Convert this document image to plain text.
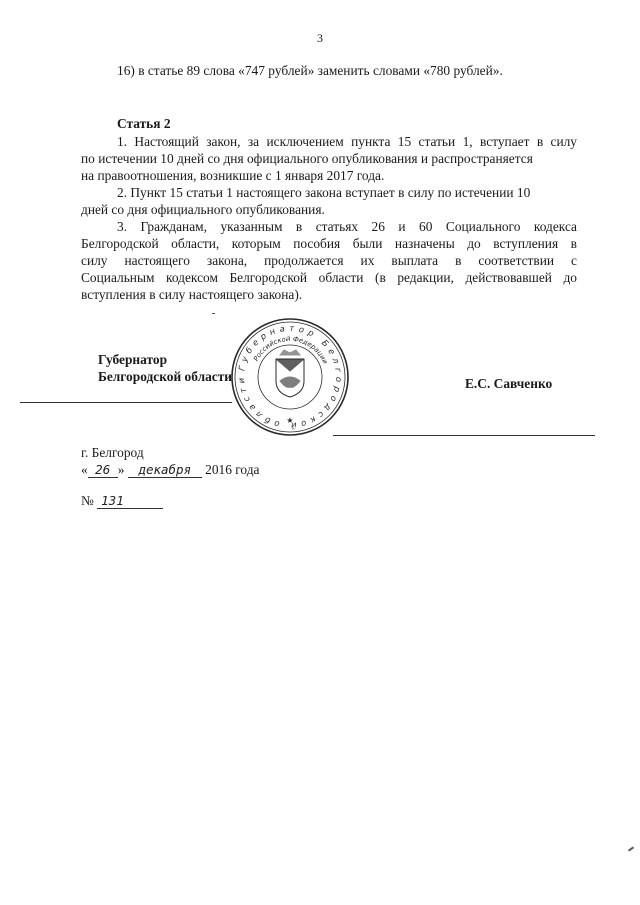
3
16) в статье 89 слова «747 рублей» заменить словами «780 рублей».
Статья 2
1. Настоящий закон, за исключением пункта 15 статьи 1, вступает в силу
по истечении 10 дней со дня официального опубликования и распространяется
на правоотношения, возникшие с 1 января 2017 года.
2. Пункт 15 статьи 1 настоящего закона вступает в силу по истечении 10
дней со дня официального опубликования.
3. Гражданам, указанным в статьях 26 и 60 Социального кодекса
Белгородской области, которым пособия были назначены до вступления в
силу настоящего закона, продолжается их выплата в соответствии с
Социальным кодексом Белгородской области (в редакции, действовавшей до
вступления в силу настоящего закона).
Губернатор
Белгородской области	Е.С. Савченко
Губернатор Белгородской области
Российской Федерации
★
г. Белгород
« 26 » декабря 2016 года
№ 131
